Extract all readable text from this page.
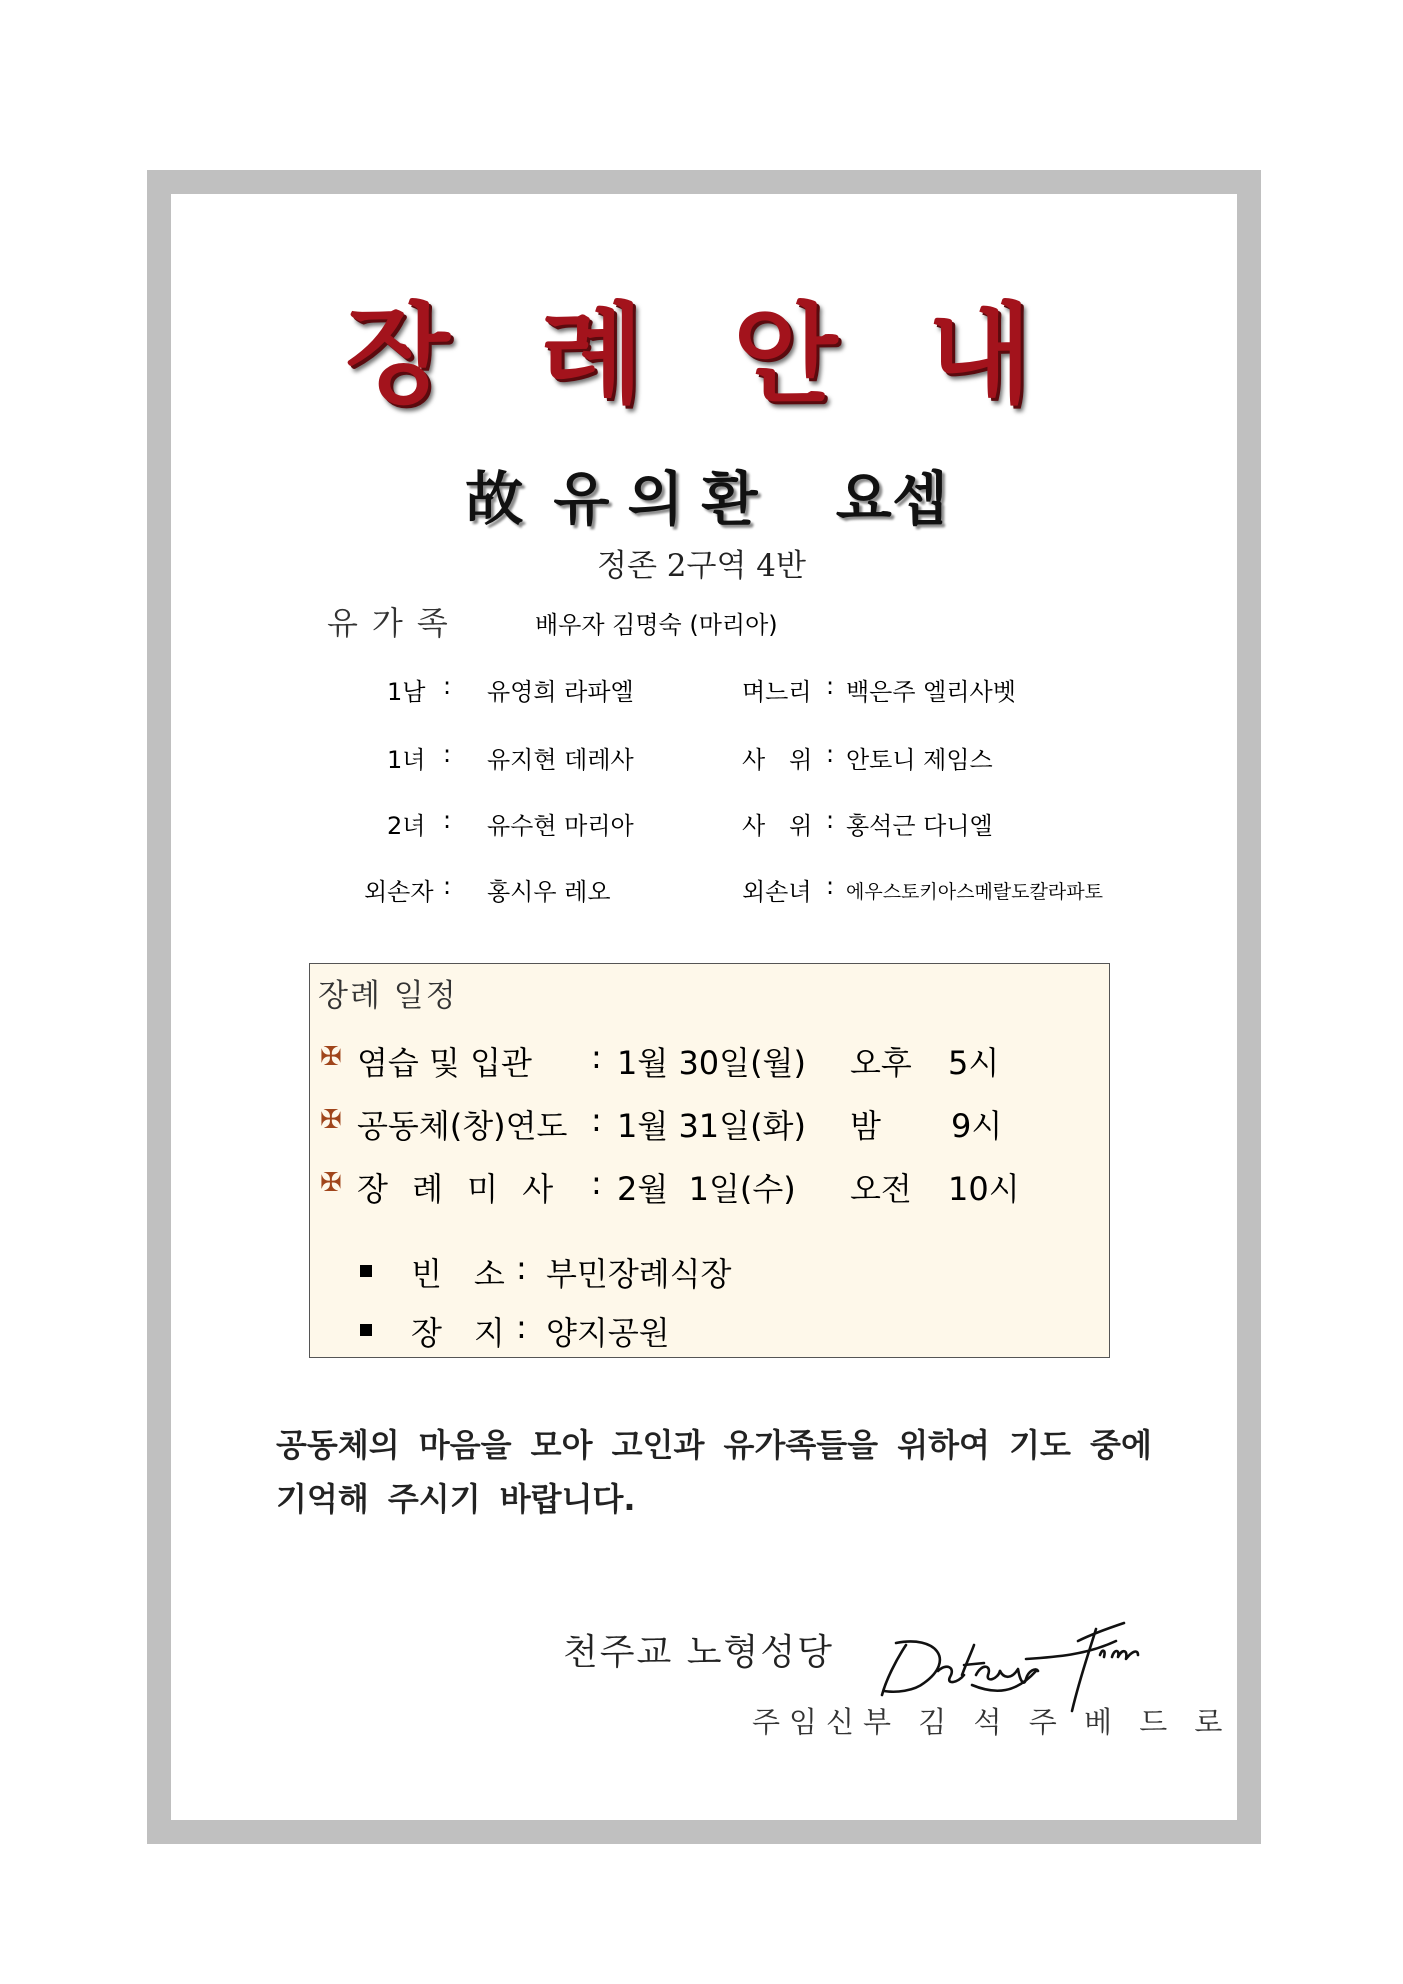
장 례 안 내
故 유의환 요셉
정존 2구역 4반
유가족	배우자 김명숙 (마리아)
1남 : 유영희 라파엘
1녀 : 유지현 데레사
2녀 : 유수현 마리아
외손자 : 홍시우 레오
며느리 : 백은주 엘리사벳
사　위 : 안토니 제임스
사　위 : 홍석근 다니엘
외손녀 : 에우스토키아스메랄도칼라파토
장례 일정
✠ 염습 및 입관 : 1월 30일(월) 오후 5시
✠ 공동체(창)연도 : 1월 31일(화) 밤 9시
✠ 장 례 미 사 : 2월  1일(수) 오전 10시
빈　소 : 부민장례식장
장　지 : 양지공원
공동체의 마음을 모아 고인과 유가족들을 위하여 기도 중에
기억해 주시기 바랍니다.
천주교 노형성당
주임신부 김 석 주 베 드 로
